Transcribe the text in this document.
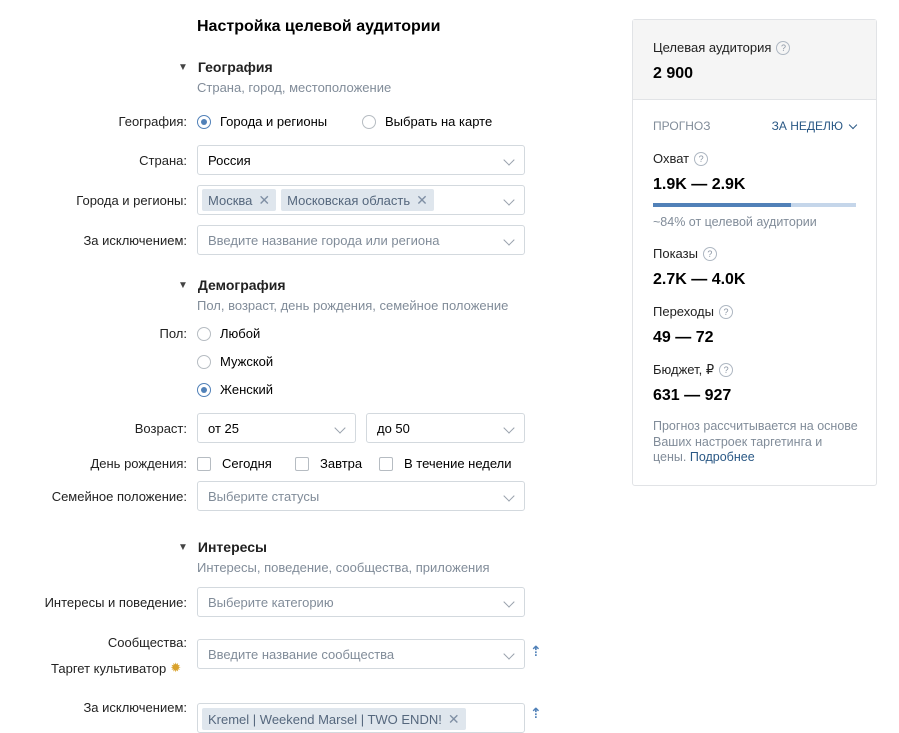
Настройка целевой аудитории
▼ География
Страна, город, местоположение
География:	Города и регионы	Выбрать на карте
Страна: Россия
Города и регионы: Москва ✕ Московская область ✕
За исключением: Введите название города или региона
▼ Демография
Пол, возраст, день рождения, семейное положение
Пол:	Любой
Мужской
Женский
Возраст: от 25	до 50
День рождения:	Сегодня	Завтра	В течение недели
Семейное положение: Выберите статусы
▼ Интересы
Интересы, поведение, сообщества, приложения
Интересы и поведение: Выберите категорию
Сообщества:
Таргет культиватор ✹
Введите название сообщества	⇡
За исключением:
Kremel | Weekend Marsel | TWO ENDN! ✕	⇡
Целевая аудитория ?
2 900
ПРОГНОЗ	ЗА НЕДЕЛЮ
Охват ?
1.9K — 2.9K
~84% от целевой аудитории
Показы ?
2.7K — 4.0K
Переходы ?
49 — 72
Бюджет, ₽ ?
631 — 927
Прогноз рассчитывается на основе Ваших настроек таргетинга и цены. Подробнее
